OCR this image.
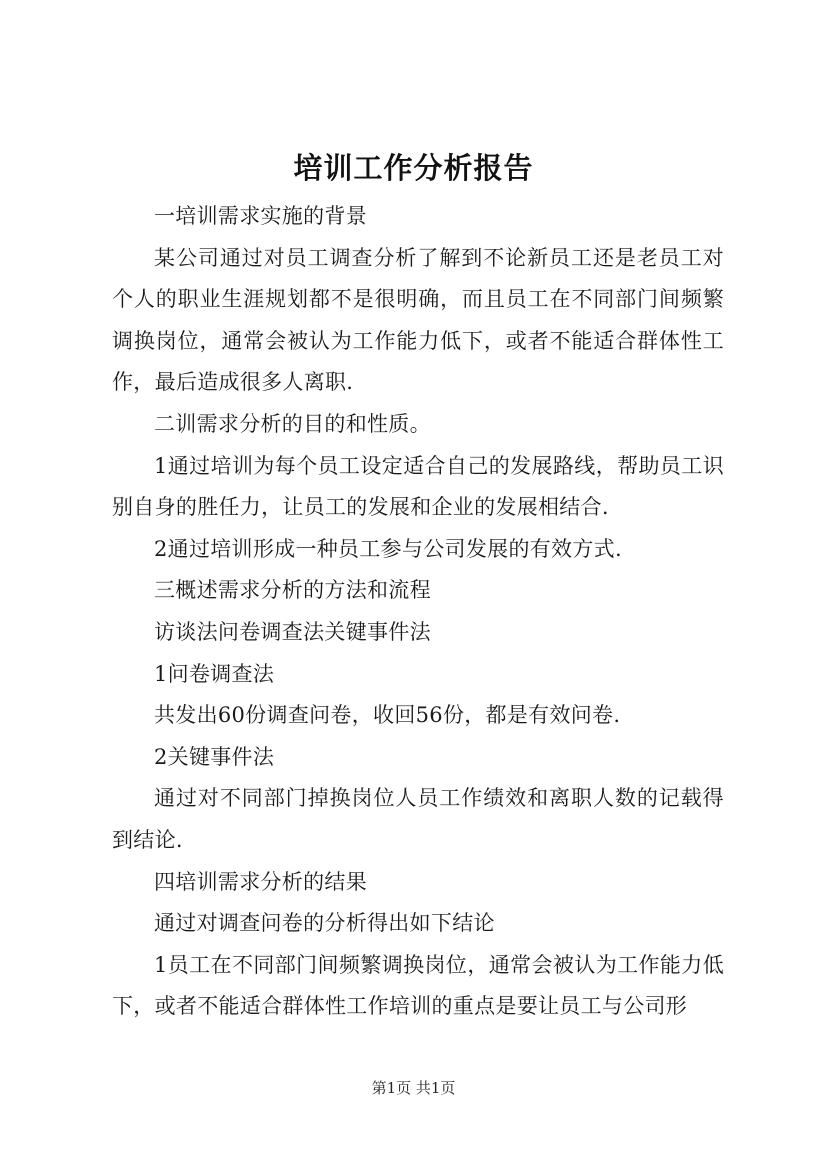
培训工作分析报告

一培训需求实施的背景

某公司通过对员工调查分析了解到不论新员工还是老员工对个人的职业生涯规划都不是很明确，而且员工在不同部门间频繁调换岗位，通常会被认为工作能力低下，或者不能适合群体性工作，最后造成很多人离职.

二训需求分析的目的和性质。

1通过培训为每个员工设定适合自己的发展路线，帮助员工识别自身的胜任力，让员工的发展和企业的发展相结合.

2通过培训形成一种员工参与公司发展的有效方式.

三概述需求分析的方法和流程

访谈法问卷调查法关键事件法

1问卷调查法

共发出60份调查问卷，收回56份，都是有效问卷.

2关键事件法

通过对不同部门掉换岗位人员工作绩效和离职人数的记载得到结论.

四培训需求分析的结果

通过对调查问卷的分析得出如下结论

1员工在不同部门间频繁调换岗位，通常会被认为工作能力低下，或者不能适合群体性工作培训的重点是要让员工与公司形

第1页 共1页
